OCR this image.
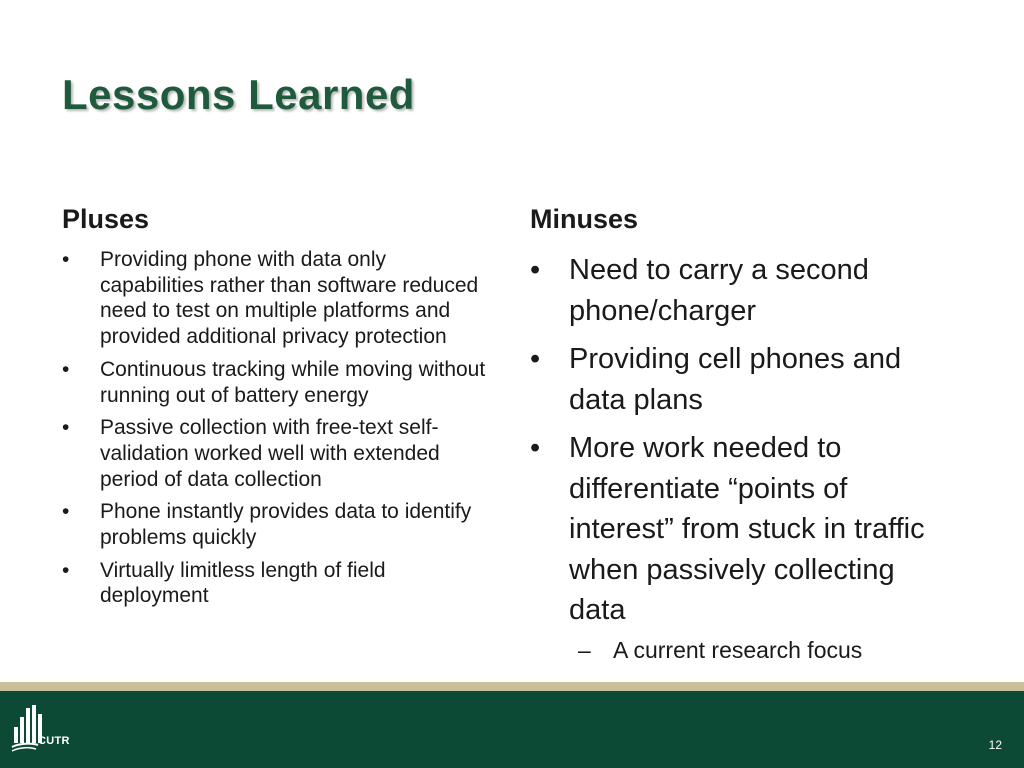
Lessons Learned
Pluses
• Providing phone with data only capabilities rather than software reduced need to test on multiple platforms and provided additional privacy protection
• Continuous tracking while moving without running out of battery energy
• Passive collection with free-text self-validation worked well with extended period of data collection
• Phone instantly provides data to identify problems quickly
• Virtually limitless length of field deployment
Minuses
• Need to carry a second phone/charger
• Providing cell phones and data plans
• More work needed to differentiate “points of interest” from stuck in traffic when passively collecting data
– A current research focus
CUTR	12
